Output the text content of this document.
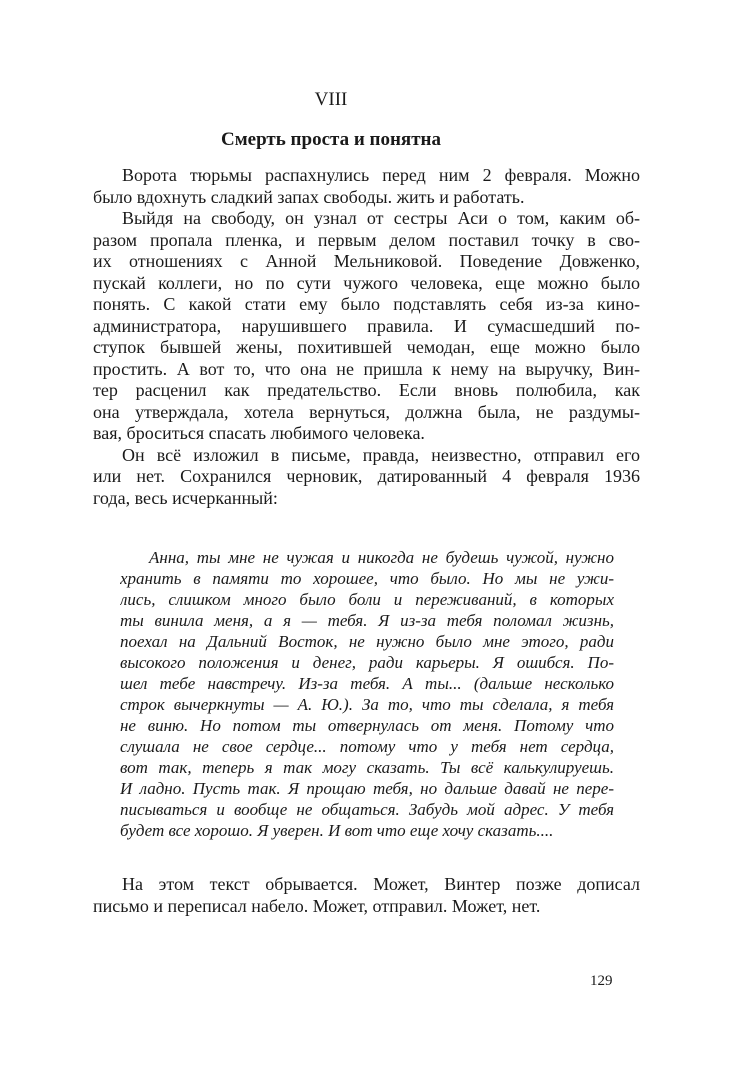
VIII
Смерть проста и понятна
Ворота тюрьмы распахнулись перед ним 2 февраля. Можно
было вдохнуть сладкий запах свободы. жить и работать.
Выйдя на свободу, он узнал от сестры Аси о том, каким об-
разом пропала пленка, и первым делом поставил точку в сво-
их отношениях с Анной Мельниковой. Поведение Довженко,
пускай коллеги, но по сути чужого человека, еще можно было
понять. С какой стати ему было подставлять себя из-за кино-
администратора, нарушившего правила. И сумасшедший по-
ступок бывшей жены, похитившей чемодан, еще можно было
простить. А вот то, что она не пришла к нему на выручку, Вин-
тер расценил как предательство. Если вновь полюбила, как
она утверждала, хотела вернуться, должна была, не раздумы-
вая, броситься спасать любимого человека.
Он всё изложил в письме, правда, неизвестно, отправил его
или нет. Сохранился черновик, датированный 4 февраля 1936
года, весь исчерканный:
Анна, ты мне не чужая и никогда не будешь чужой, нужно
хранить в памяти то хорошее, что было. Но мы не ужи-
лись, слишком много было боли и переживаний, в которых
ты винила меня, а я — тебя. Я из-за тебя поломал жизнь,
поехал на Дальний Восток, не нужно было мне этого, ради
высокого положения и денег, ради карьеры. Я ошибся. По-
шел тебе навстречу. Из-за тебя. А ты... (дальше несколько
строк вычеркнуты — А. Ю.). За то, что ты сделала, я тебя
не виню. Но потом ты отвернулась от меня. Потому что
слушала не свое сердце... потому что у тебя нет сердца,
вот так, теперь я так могу сказать. Ты всё калькулируешь.
И ладно. Пусть так. Я прощаю тебя, но дальше давай не пере-
писываться и вообще не общаться. Забудь мой адрес. У тебя
будет все хорошо. Я уверен. И вот что еще хочу сказать....
На этом текст обрывается. Может, Винтер позже дописал
письмо и переписал набело. Может, отправил. Может, нет.
129
